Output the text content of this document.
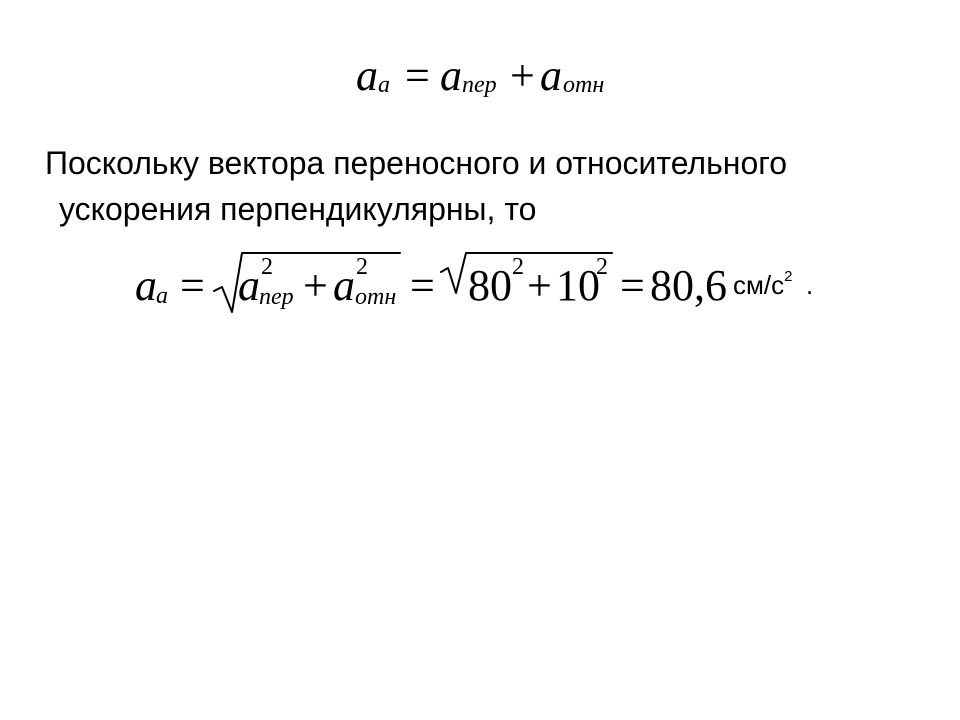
a a = a пер + a отн
Поскольку вектора переносного и относительного
ускорения перпендикулярны, то
a a = a 2
пер + a 2
отн = 80 2 + 10
2 = 80,6 $см/с^2$ .
